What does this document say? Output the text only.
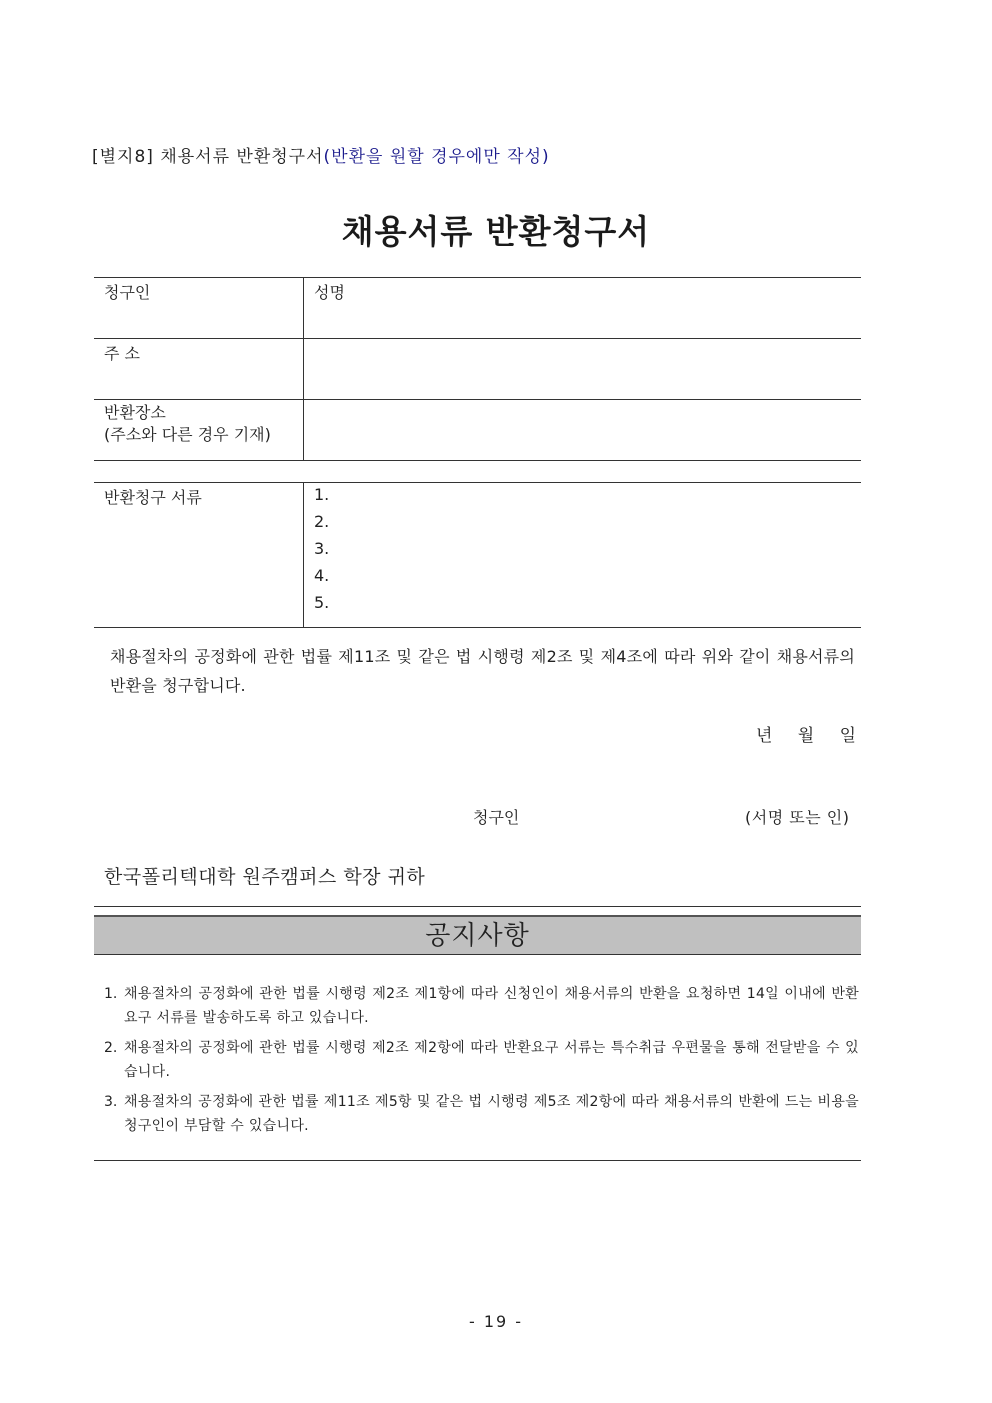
[별지8] 채용서류 반환청구서(반환을 원할 경우에만 작성)
채용서류 반환청구서
청구인	성명
주 소	

반환장소
(주소와 다른 경우 기재)	

반환청구 서류	1.
2.
3.
4.
5.
채용절차의 공정화에 관한 법률 제11조 및 같은 법 시행령 제2조 및 제4조에 따라 위와 같이 채용서류의 반환을 청구합니다.
년 월 일
청구인	(서명 또는 인)
한국폴리텍대학 원주캠퍼스 학장 귀하
공지사항
1. 채용절차의 공정화에 관한 법률 시행령 제2조 제1항에 따라 신청인이 채용서류의 반환을 요청하면 14일 이내에 반환요구 서류를 발송하도록 하고 있습니다.
2. 채용절차의 공정화에 관한 법률 시행령 제2조 제2항에 따라 반환요구 서류는 특수취급 우편물을 통해 전달받을 수 있습니다.
3. 채용절차의 공정화에 관한 법률 제11조 제5항 및 같은 법 시행령 제5조 제2항에 따라 채용서류의 반환에 드는 비용을 청구인이 부담할 수 있습니다.
- 19 -
